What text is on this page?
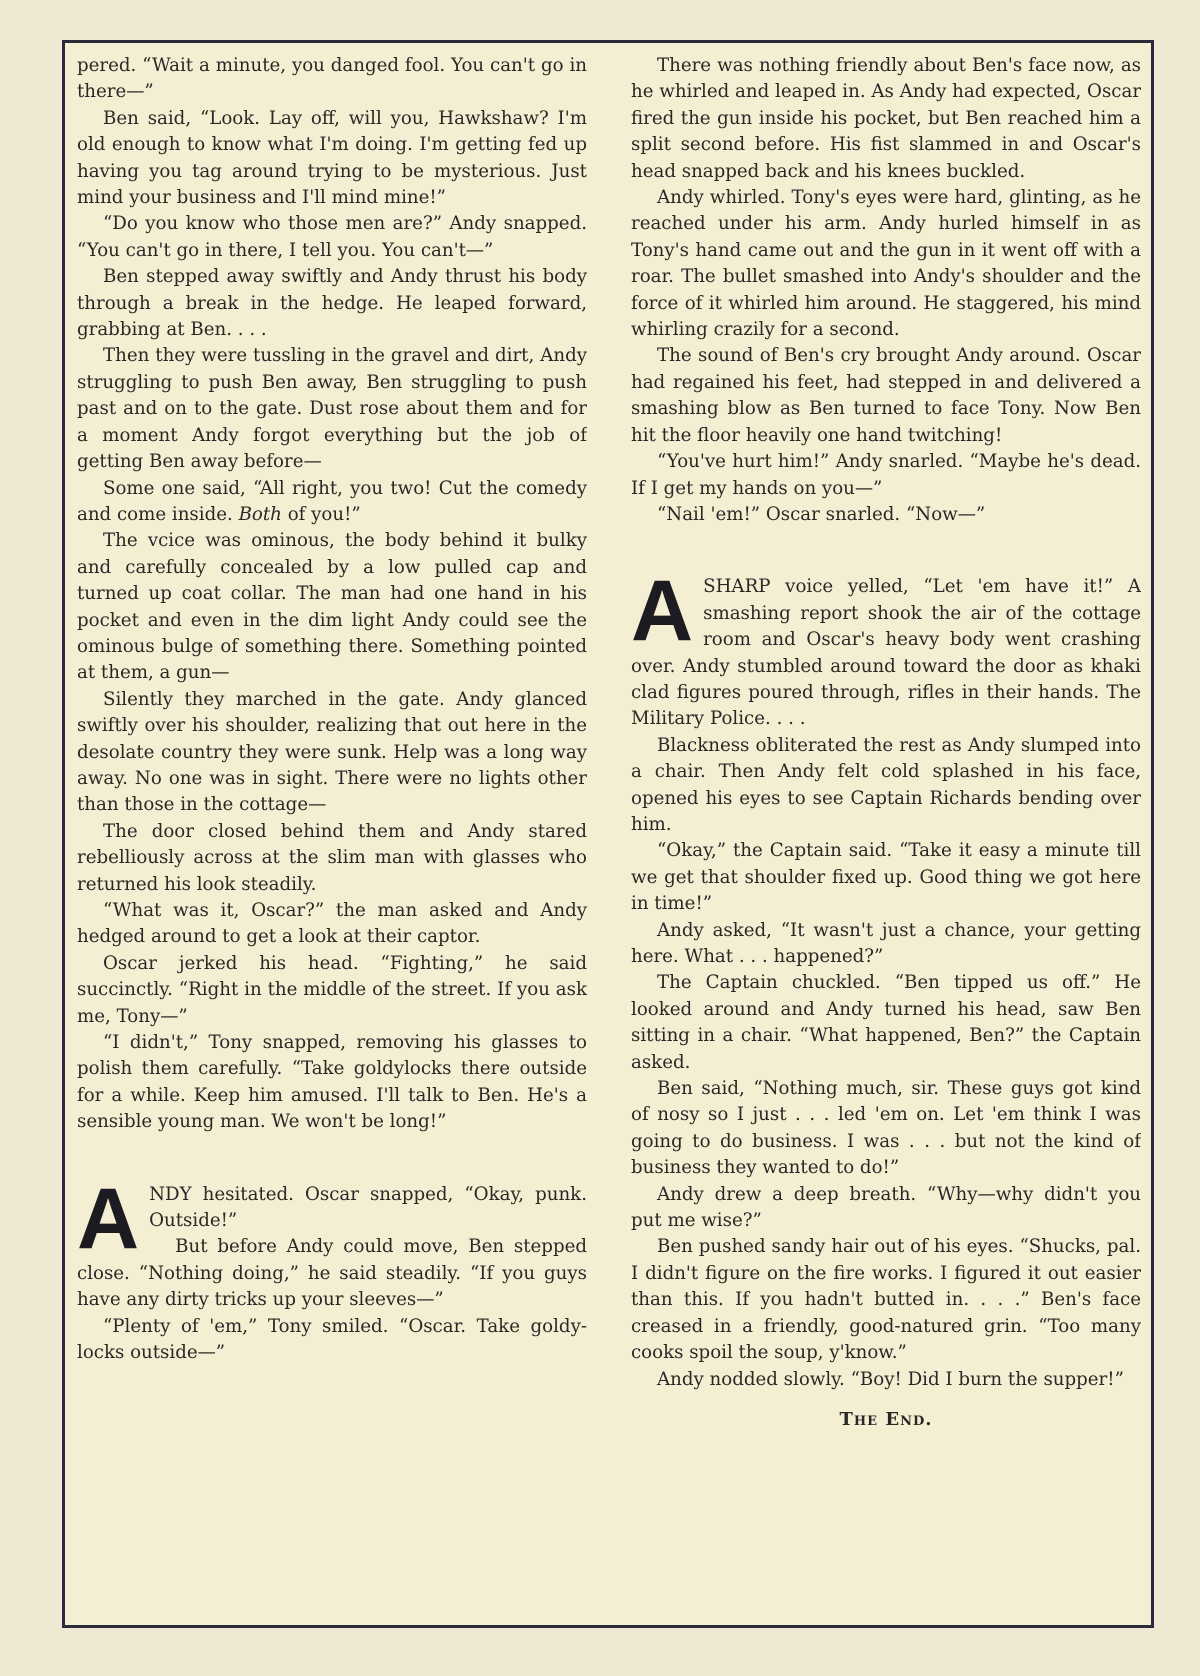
pered. “Wait a minute, you danged fool. You can't go in there—”

Ben said, “Look. Lay off, will you, Hawkshaw? I'm old enough to know what I'm doing. I'm getting fed up having you tag around trying to be mysterious. Just mind your business and I'll mind mine!”

“Do you know who those men are?” Andy snapped. “You can't go in there, I tell you. You can't—”

Ben stepped away swiftly and Andy thrust his body through a break in the hedge. He leaped forward, grabbing at Ben. . . .

Then they were tussling in the gravel and dirt, Andy struggling to push Ben away, Ben struggling to push past and on to the gate. Dust rose about them and for a moment Andy forgot everything but the job of getting Ben away before—

Some one said, “All right, you two! Cut the comedy and come inside. Both of you!”

The vcice was ominous, the body behind it bulky and carefully concealed by a low pulled cap and turned up coat collar. The man had one hand in his pocket and even in the dim light Andy could see the ominous bulge of something there. Something pointed at them, a gun—

Silently they marched in the gate. Andy glanced swiftly over his shoulder, realizing that out here in the desolate country they were sunk. Help was a long way away. No one was in sight. There were no lights other than those in the cottage—

The door closed behind them and Andy stared rebelliously across at the slim man with glasses who returned his look steadily.

“What was it, Oscar?” the man asked and Andy hedged around to get a look at their captor.

Oscar jerked his head. “Fighting,” he said succinctly. “Right in the middle of the street. If you ask me, Tony—”

“I didn't,” Tony snapped, removing his glasses to polish them carefully. “Take goldylocks there outside for a while. Keep him amused. I'll talk to Ben. He's a sensible young man. We won't be long!”

ANDY hesitated. Oscar snapped, “Okay, punk. Outside!”

But before Andy could move, Ben stepped close. “Nothing doing,” he said steadily. “If you guys have any dirty tricks up your sleeves—”

“Plenty of 'em,” Tony smiled. “Oscar. Take goldy-locks outside—”

There was nothing friendly about Ben's face now, as he whirled and leaped in. As Andy had expected, Oscar fired the gun inside his pocket, but Ben reached him a split second before. His fist slammed in and Oscar's head snapped back and his knees buckled.

Andy whirled. Tony's eyes were hard, glinting, as he reached under his arm. Andy hurled himself in as Tony's hand came out and the gun in it went off with a roar. The bullet smashed into Andy's shoulder and the force of it whirled him around. He staggered, his mind whirling crazily for a second.

The sound of Ben's cry brought Andy around. Oscar had regained his feet, had stepped in and delivered a smashing blow as Ben turned to face Tony. Now Ben hit the floor heavily one hand twitching!

“You've hurt him!” Andy snarled. “Maybe he's dead. If I get my hands on you—”

“Nail 'em!” Oscar snarled. “Now—”

ASHARP voice yelled, “Let 'em have it!” A smashing report shook the air of the cottage room and Oscar's heavy body went crashing over. Andy stumbled around toward the door as khaki clad figures poured through, rifles in their hands. The Military Police. . . .

Blackness obliterated the rest as Andy slumped into a chair. Then Andy felt cold splashed in his face, opened his eyes to see Captain Richards bending over him.

“Okay,” the Captain said. “Take it easy a minute till we get that shoulder fixed up. Good thing we got here in time!”

Andy asked, “It wasn't just a chance, your getting here. What . . . happened?”

The Captain chuckled. “Ben tipped us off.” He looked around and Andy turned his head, saw Ben sitting in a chair. “What happened, Ben?” the Captain asked.

Ben said, “Nothing much, sir. These guys got kind of nosy so I just . . . led 'em on. Let 'em think I was going to do business. I was . . . but not the kind of business they wanted to do!”

Andy drew a deep breath. “Why—why didn't you put me wise?”

Ben pushed sandy hair out of his eyes. “Shucks, pal. I didn't figure on the fire works. I figured it out easier than this. If you hadn't butted in. . . .” Ben's face creased in a friendly, good-natured grin. “Too many cooks spoil the soup, y'know.”

Andy nodded slowly. “Boy! Did I burn the supper!”

The End.
